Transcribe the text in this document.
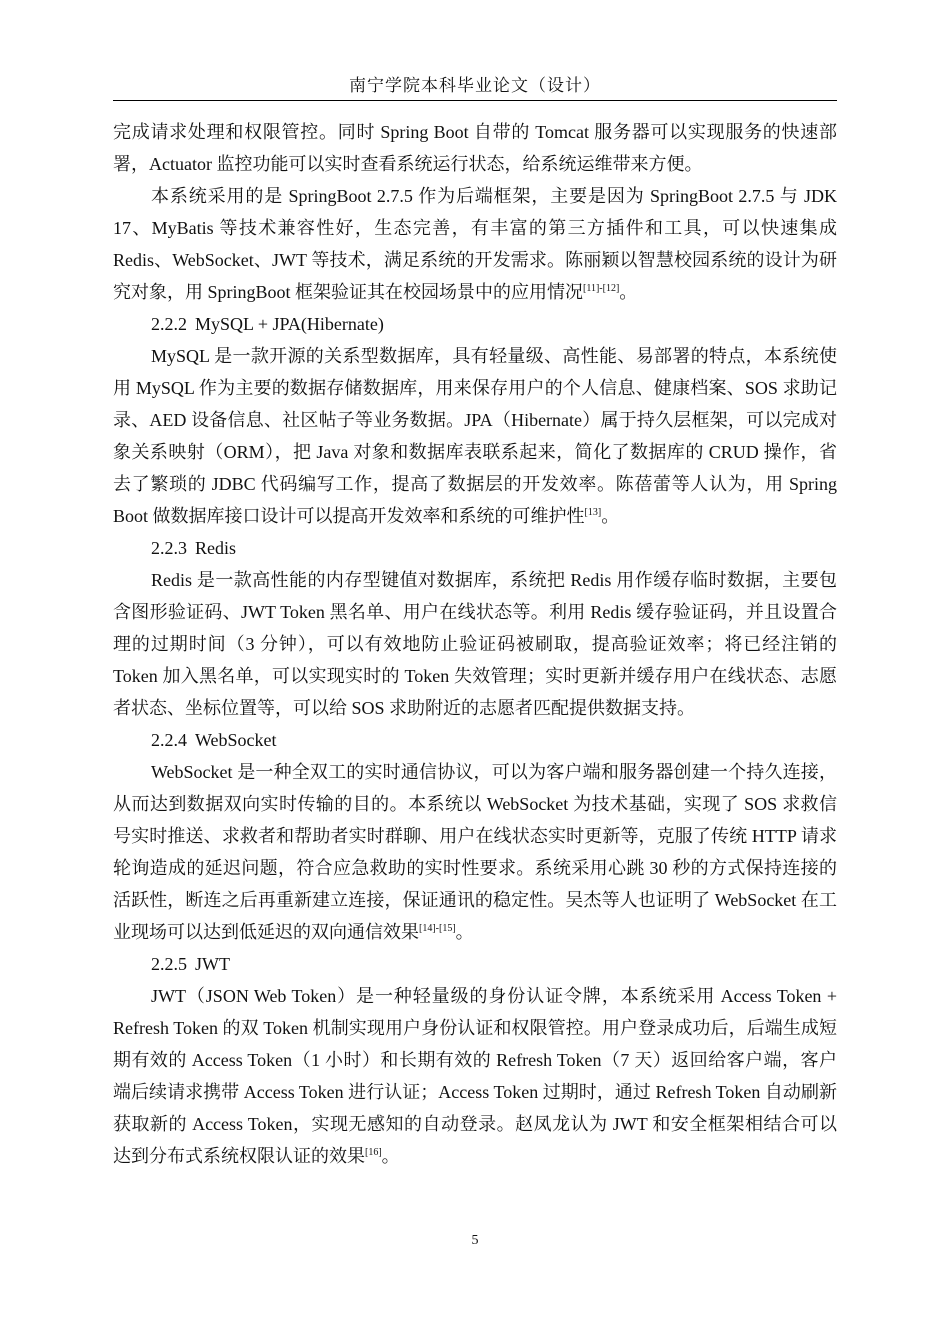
南宁学院本科毕业论文（设计）

完成请求处理和权限管控。同时 Spring Boot 自带的 Tomcat 服务器可以实现服务的快速部署，Actuator 监控功能可以实时查看系统运行状态，给系统运维带来方便。

本系统采用的是 SpringBoot 2.7.5 作为后端框架，主要是因为 SpringBoot 2.7.5 与 JDK 17、MyBatis 等技术兼容性好，生态完善，有丰富的第三方插件和工具，可以快速集成 Redis、WebSocket、JWT 等技术，满足系统的开发需求。陈丽颖以智慧校园系统的设计为研究对象，用 SpringBoot 框架验证其在校园场景中的应用情况[11]-[12]。

2.2.2 MySQL + JPA(Hibernate)

MySQL 是一款开源的关系型数据库，具有轻量级、高性能、易部署的特点，本系统使用 MySQL 作为主要的数据存储数据库，用来保存用户的个人信息、健康档案、SOS 求助记录、AED 设备信息、社区帖子等业务数据。JPA（Hibernate）属于持久层框架，可以完成对象关系映射（ORM），把 Java 对象和数据库表联系起来，简化了数据库的 CRUD 操作，省去了繁琐的 JDBC 代码编写工作，提高了数据层的开发效率。陈蓓蕾等人认为，用 Spring Boot 做数据库接口设计可以提高开发效率和系统的可维护性[13]。

2.2.3 Redis

Redis 是一款高性能的内存型键值对数据库，系统把 Redis 用作缓存临时数据，主要包含图形验证码、JWT Token 黑名单、用户在线状态等。利用 Redis 缓存验证码，并且设置合理的过期时间（3 分钟），可以有效地防止验证码被刷取，提高验证效率；将已经注销的 Token 加入黑名单，可以实现实时的 Token 失效管理；实时更新并缓存用户在线状态、志愿者状态、坐标位置等，可以给 SOS 求助附近的志愿者匹配提供数据支持。

2.2.4 WebSocket

WebSocket 是一种全双工的实时通信协议，可以为客户端和服务器创建一个持久连接，从而达到数据双向实时传输的目的。本系统以 WebSocket 为技术基础，实现了 SOS 求救信号实时推送、求救者和帮助者实时群聊、用户在线状态实时更新等，克服了传统 HTTP 请求轮询造成的延迟问题，符合应急救助的实时性要求。系统采用心跳 30 秒的方式保持连接的活跃性，断连之后再重新建立连接，保证通讯的稳定性。吴杰等人也证明了 WebSocket 在工业现场可以达到低延迟的双向通信效果[14]-[15]。

2.2.5 JWT

JWT（JSON Web Token）是一种轻量级的身份认证令牌，本系统采用 Access Token + Refresh Token 的双 Token 机制实现用户身份认证和权限管控。用户登录成功后，后端生成短期有效的 Access Token（1 小时）和长期有效的 Refresh Token（7 天）返回给客户端，客户端后续请求携带 Access Token 进行认证；Access Token 过期时，通过 Refresh Token 自动刷新获取新的 Access Token，实现无感知的自动登录。赵凤龙认为 JWT 和安全框架相结合可以达到分布式系统权限认证的效果[16]。

5
